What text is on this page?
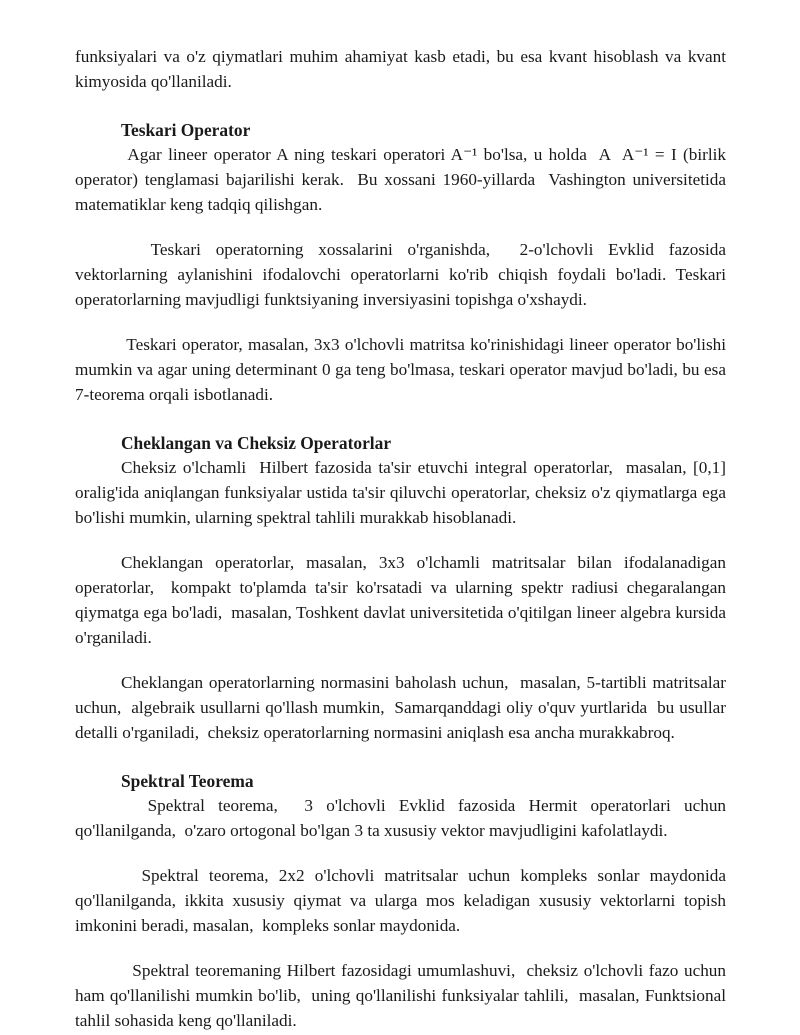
funksiyalari va o'z qiymatlari muhim ahamiyat kasb etadi, bu esa kvant hisoblash va kvant kimyosida qo'llaniladi.

Teskari Operator

Agar lineer operator A ning teskari operatori A⁻¹ bo'lsa, u holda  A  A⁻¹ = I (birlik operator) tenglamasi bajarilishi kerak.  Bu xossani 1960-yillarda  Vashington universitetida matematiklar keng tadqiq qilishgan.

Teskari operatorning xossalarini o'rganishda,  2-o'lchovli Evklid fazosida vektorlarning aylanishini ifodalovchi operatorlarni ko'rib chiqish foydali bo'ladi. Teskari operatorlarning mavjudligi funktsiyaning inversiyasini topishga o'xshaydi.

Teskari operator, masalan, 3x3 o'lchovli matritsa ko'rinishidagi lineer operator bo'lishi mumkin va agar uning determinant 0 ga teng bo'lmasa, teskari operator mavjud bo'ladi, bu esa 7-teorema orqali isbotlanadi.

Cheklangan va Cheksiz Operatorlar

Cheksiz o'lchamli  Hilbert fazosida ta'sir etuvchi integral operatorlar,  masalan, [0,1] oralig'ida aniqlangan funksiyalar ustida ta'sir qiluvchi operatorlar, cheksiz o'z qiymatlarga ega bo'lishi mumkin, ularning spektral tahlili murakkab hisoblanadi.

Cheklangan operatorlar, masalan, 3x3 o'lchamli matritsalar bilan ifodalanadigan operatorlar,  kompakt to'plamda ta'sir ko'rsatadi va ularning spektr radiusi chegaralangan qiymatga ega bo'ladi,  masalan, Toshkent davlat universitetida o'qitilgan lineer algebra kursida o'rganiladi.

Cheklangan operatorlarning normasini baholash uchun,  masalan, 5-tartibli matritsalar uchun,  algebraik usullarni qo'llash mumkin,  Samarqanddagi oliy o'quv yurtlarida  bu usullar  detalli o'rganiladi,  cheksiz operatorlarning normasini aniqlash esa ancha murakkabroq.

Spektral Teorema

Spektral teorema,  3 o'lchovli Evklid fazosida Hermit operatorlari uchun qo'llanilganda,  o'zaro ortogonal bo'lgan 3 ta xususiy vektor mavjudligini kafolatlaydi.

Spektral teorema, 2x2 o'lchovli matritsalar uchun kompleks sonlar maydonida qo'llanilganda, ikkita xususiy qiymat va ularga mos keladigan xususiy vektorlarni topish imkonini beradi, masalan,  kompleks sonlar maydonida.

Spektral teoremaning Hilbert fazosidagi umumlashuvi,  cheksiz o'lchovli fazo uchun ham qo'llanilishi mumkin bo'lib,  uning qo'llanilishi funksiyalar tahlili,  masalan, Funktsional tahlil sohasida keng qo'llaniladi.
